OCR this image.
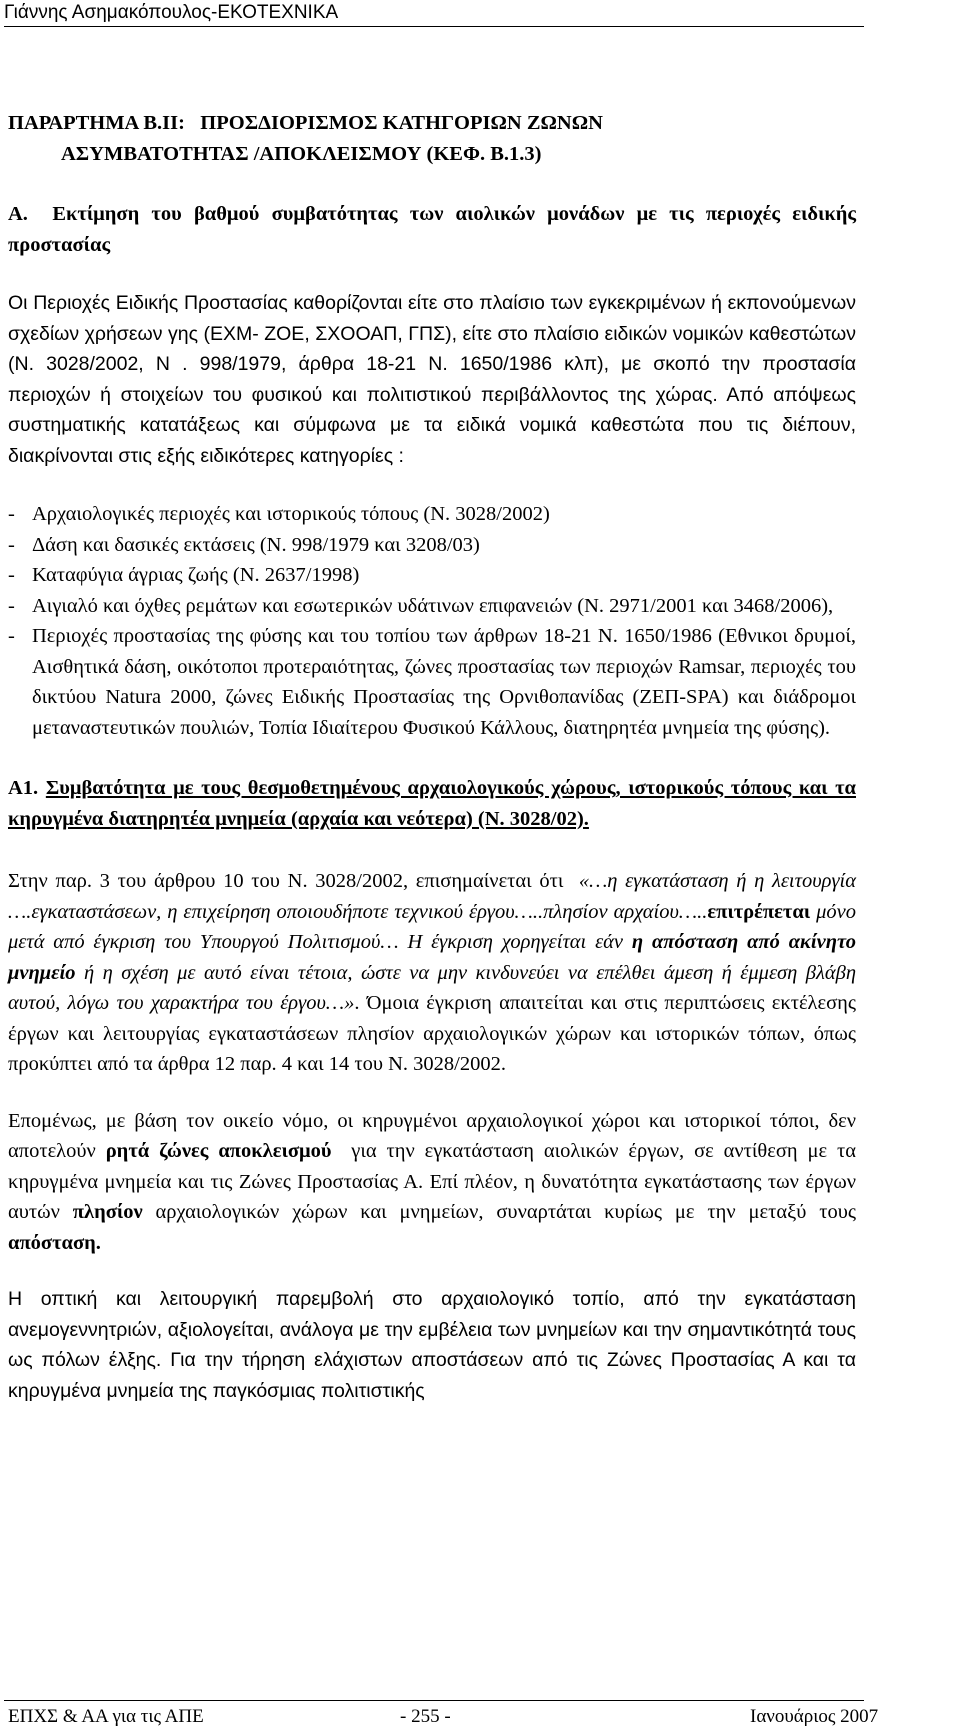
Γιάννης Ασημακόπουλος-ΕΚΟΤΕΧΝΙΚΑ

ΠΑΡΑΡΤΗΜΑ Β.ΙΙ:   ΠΡΟΣΔΙΟΡΙΣΜΟΣ ΚΑΤΗΓΟΡΙΩΝ ΖΩΝΩΝ
ΑΣΥΜΒΑΤΟΤΗΤΑΣ /ΑΠΟΚΛΕΙΣΜΟΥ (ΚΕΦ. Β.1.3)

Α.  Εκτίμηση του βαθμού συμβατότητας των αιολικών μονάδων με τις περιοχές ειδικής προστασίας

Οι Περιοχές Ειδικής Προστασίας καθορίζονται είτε στο πλαίσιο των εγκεκριμένων ή εκπονούμενων σχεδίων χρήσεων γης (ΕΧΜ- ΖΟΕ, ΣΧΟΟΑΠ, ΓΠΣ), είτε στο πλαίσιο ειδικών νομικών καθεστώτων (Ν. 3028/2002, Ν . 998/1979, άρθρα 18-21 Ν. 1650/1986 κλπ), με σκοπό την προστασία περιοχών ή στοιχείων του φυσικού και πολιτιστικού περιβάλλοντος της χώρας. Από απόψεως συστηματικής κατατάξεως και σύμφωνα με τα ειδικά νομικά καθεστώτα που τις διέπουν, διακρίνονται στις εξής ειδικότερες κατηγορίες :

- Αρχαιολογικές περιοχές και ιστορικούς τόπους (Ν. 3028/2002)
- Δάση και δασικές εκτάσεις (Ν. 998/1979 και 3208/03)
- Καταφύγια άγριας ζωής (Ν. 2637/1998)
- Αιγιαλό και όχθες ρεμάτων και εσωτερικών υδάτινων επιφανειών (Ν. 2971/2001 και 3468/2006),
- Περιοχές προστασίας της φύσης και του τοπίου των άρθρων 18-21 Ν. 1650/1986 (Εθνικοι δρυμοί, Αισθητικά δάση, οικότοποι προτεραιότητας, ζώνες προστασίας των περιοχών Ramsar, περιοχές του δικτύου Natura 2000, ζώνες Ειδικής Προστασίας της Ορνιθοπανίδας (ΖΕΠ-SPA) και διάδρομοι μεταναστευτικών πουλιών, Τοπία Ιδιαίτερου Φυσικού Κάλλους, διατηρητέα μνημεία της φύσης).

Α1. Συμβατότητα με τους θεσμοθετημένους αρχαιολογικούς χώρους, ιστορικούς τόπους και τα κηρυγμένα διατηρητέα μνημεία (αρχαία και νεότερα) (Ν. 3028/02).

Στην παρ. 3 του άρθρου 10 του Ν. 3028/2002, επισημαίνεται ότι  «…η εγκατάσταση ή η λειτουργία ….εγκαταστάσεων, η επιχείρηση οποιουδήποτε τεχνικού έργου…..πλησίον αρχαίου…..επιτρέπεται μόνο μετά από έγκριση του Υπουργού Πολιτισμού… Η έγκριση χορηγείται εάν η απόσταση από ακίνητο μνημείο ή η σχέση με αυτό είναι τέτοια, ώστε να μην κινδυνεύει να επέλθει άμεση ή έμμεση βλάβη αυτού, λόγω του χαρακτήρα του έργου…». Όμοια έγκριση απαιτείται και στις περιπτώσεις εκτέλεσης έργων και λειτουργίας εγκαταστάσεων πλησίον αρχαιολογικών χώρων και ιστορικών τόπων, όπως προκύπτει από τα άρθρα 12 παρ. 4 και 14 του Ν. 3028/2002.

Επομένως, με βάση τον οικείο νόμο, οι κηρυγμένοι αρχαιολογικοί χώροι και ιστορικοί τόποι, δεν αποτελούν ρητά ζώνες αποκλεισμού  για την εγκατάσταση αιολικών έργων, σε αντίθεση με τα κηρυγμένα μνημεία και τις Ζώνες Προστασίας Α. Επί πλέον, η δυνατότητα εγκατάστασης των έργων αυτών πλησίον αρχαιολογικών χώρων και μνημείων, συναρτάται κυρίως με την μεταξύ τους απόσταση.

Η οπτική και λειτουργική παρεμβολή στο αρχαιολογικό τοπίο, από την εγκατάσταση ανεμογεννητριών, αξιολογείται, ανάλογα με την εμβέλεια των μνημείων και την σημαντικότητά τους ως πόλων έλξης. Για την τήρηση ελάχιστων αποστάσεων από τις Ζώνες Προστασίας Α και τα κηρυγμένα μνημεία της παγκόσμιας πολιτιστικής

ΕΠΧΣ & ΑΑ για τις ΑΠΕ	- 255 -	Ιανουάριος 2007
